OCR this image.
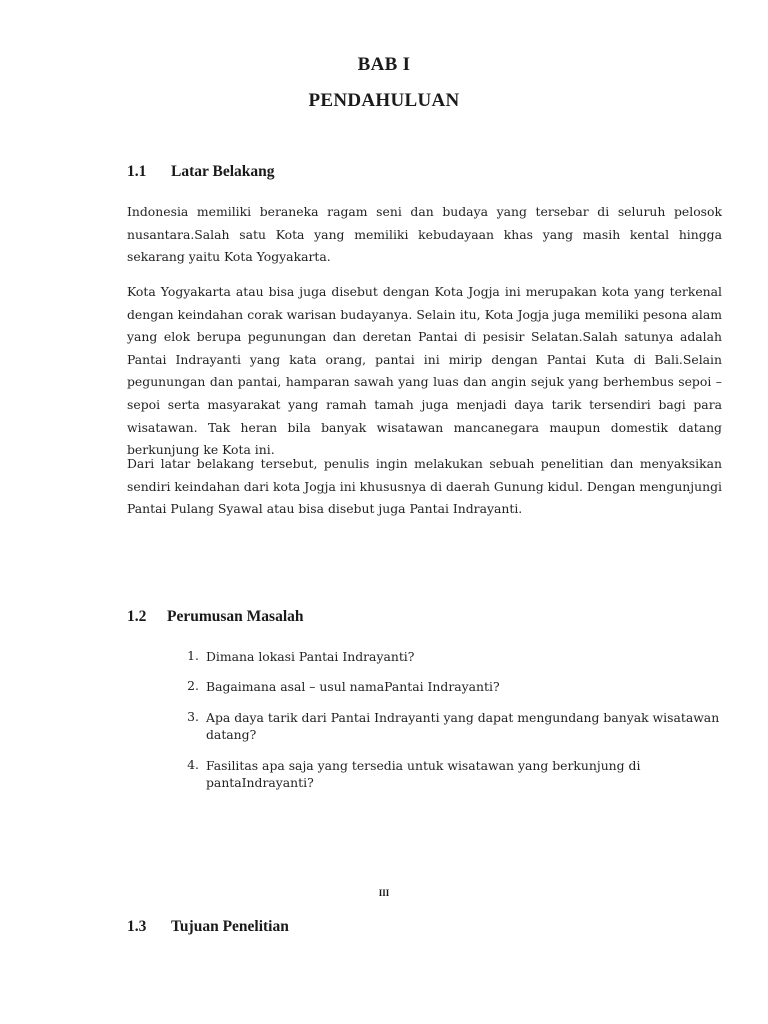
BAB I
PENDAHULUAN
1.1 Latar Belakang

Indonesia memiliki beraneka ragam seni dan budaya yang tersebar di seluruh pelosok nusantara.Salah satu Kota yang memiliki kebudayaan khas yang masih kental hingga sekarang yaitu Kota Yogyakarta.

Kota Yogyakarta atau bisa juga disebut dengan Kota Jogja ini merupakan kota yang terkenal dengan keindahan corak warisan budayanya. Selain itu, Kota Jogja juga memiliki pesona alam yang elok berupa pegunungan dan deretan Pantai di pesisir Selatan.Salah satunya adalah Pantai Indrayanti yang kata orang, pantai ini mirip dengan Pantai Kuta di Bali.Selain pegunungan dan pantai, hamparan sawah yang luas dan angin sejuk yang berhembus sepoi – sepoi serta masyarakat yang ramah tamah juga menjadi daya tarik tersendiri bagi para wisatawan. Tak heran bila banyak wisatawan mancanegara maupun domestik datang berkunjung ke Kota ini.

Dari latar belakang tersebut, penulis ingin melakukan sebuah penelitian dan menyaksikan sendiri keindahan dari kota Jogja ini khususnya di daerah Gunung kidul. Dengan mengunjungi Pantai Pulang Syawal atau bisa disebut juga Pantai Indrayanti.

1.2 Perumusan Masalah
1. Dimana lokasi Pantai Indrayanti?
2. Bagaimana asal – usul namaPantai Indrayanti?
3. Apa daya tarik dari Pantai Indrayanti yang dapat mengundang banyak wisatawan datang?
4. Fasilitas apa saja yang tersedia untuk wisatawan yang berkunjung di pantaIndrayanti?
III
1.3 Tujuan Penelitian
